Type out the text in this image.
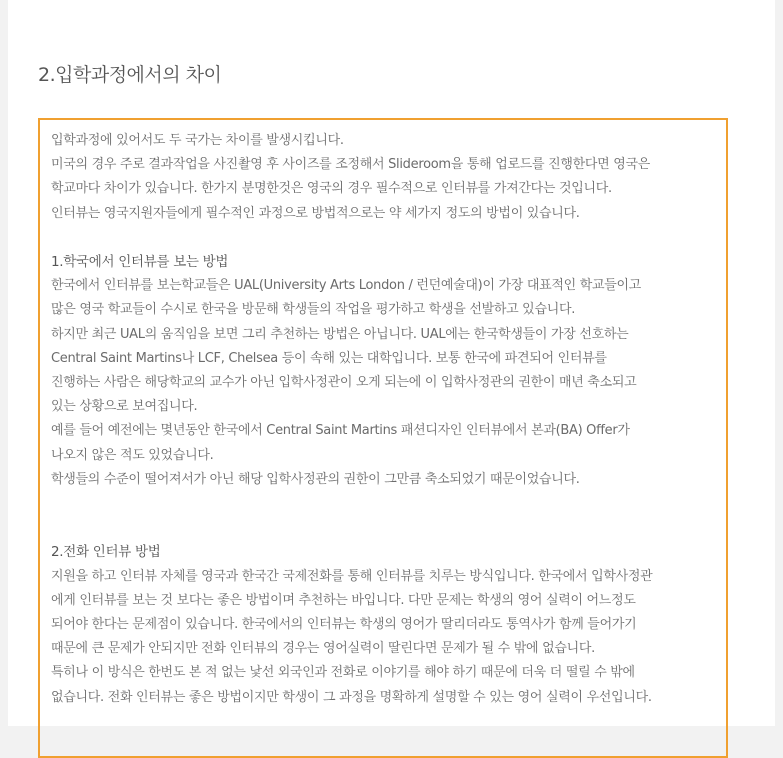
2.입학과정에서의 차이
입학과정에 있어서도 두 국가는 차이를 발생시킵니다.
미국의 경우 주로 결과작업을 사진촬영 후 사이즈를 조정해서 Slideroom을 통해 업로드를 진행한다면 영국은
학교마다 차이가 있습니다. 한가지 분명한것은 영국의 경우 필수적으로 인터뷰를 가져간다는 것입니다.
인터뷰는 영국지원자들에게 필수적인 과정으로 방법적으로는 약 세가지 정도의 방법이 있습니다.
1.학국에서 인터뷰를 보는 방법
한국에서 인터뷰를 보는학교들은 UAL(University Arts London / 런던예술대)이 가장 대표적인 학교들이고
많은 영국 학교들이 수시로 한국을 방문해 학생들의 작업을 평가하고 학생을 선발하고 있습니다.
하지만 최근 UAL의 움직임을 보면 그리 추천하는 방법은 아닙니다. UAL에는 한국학생들이 가장 선호하는
Central Saint Martins나 LCF, Chelsea 등이 속해 있는 대학입니다. 보통 한국에 파견되어 인터뷰를
진행하는 사람은 해당학교의 교수가 아닌 입학사정관이 오게 되는에 이 입학사정관의 권한이 매년 축소되고
있는 상황으로 보여집니다.
예를 들어 예전에는 몇년동안 한국에서 Central Saint Martins 패션디자인 인터뷰에서 본과(BA) Offer가
나오지 않은 적도 있었습니다.
학생들의 수준이 떨어져서가 아닌 해당 입학사정관의 권한이 그만큼 축소되었기 때문이었습니다.
2.전화 인터뷰 방법
지원을 하고 인터뷰 자체를 영국과 한국간 국제전화를 통해 인터뷰를 치루는 방식입니다. 한국에서 입학사정관
에게 인터뷰를 보는 것 보다는 좋은 방법이며 추천하는 바입니다. 다만 문제는 학생의 영어 실력이 어느정도
되어야 한다는 문제점이 있습니다. 한국에서의 인터뷰는 학생의 영어가 딸리더라도 통역사가 함께 들어가기
때문에 큰 문제가 안되지만 전화 인터뷰의 경우는 영어실력이 딸린다면 문제가 될 수 밖에 없습니다.
특히나 이 방식은 한번도 본 적 없는 낯선 외국인과 전화로 이야기를 해야 하기 때문에 더욱 더 떨릴 수 밖에
없습니다. 전화 인터뷰는 좋은 방법이지만 학생이 그 과정을 명확하게 설명할 수 있는 영어 실력이 우선입니다.
